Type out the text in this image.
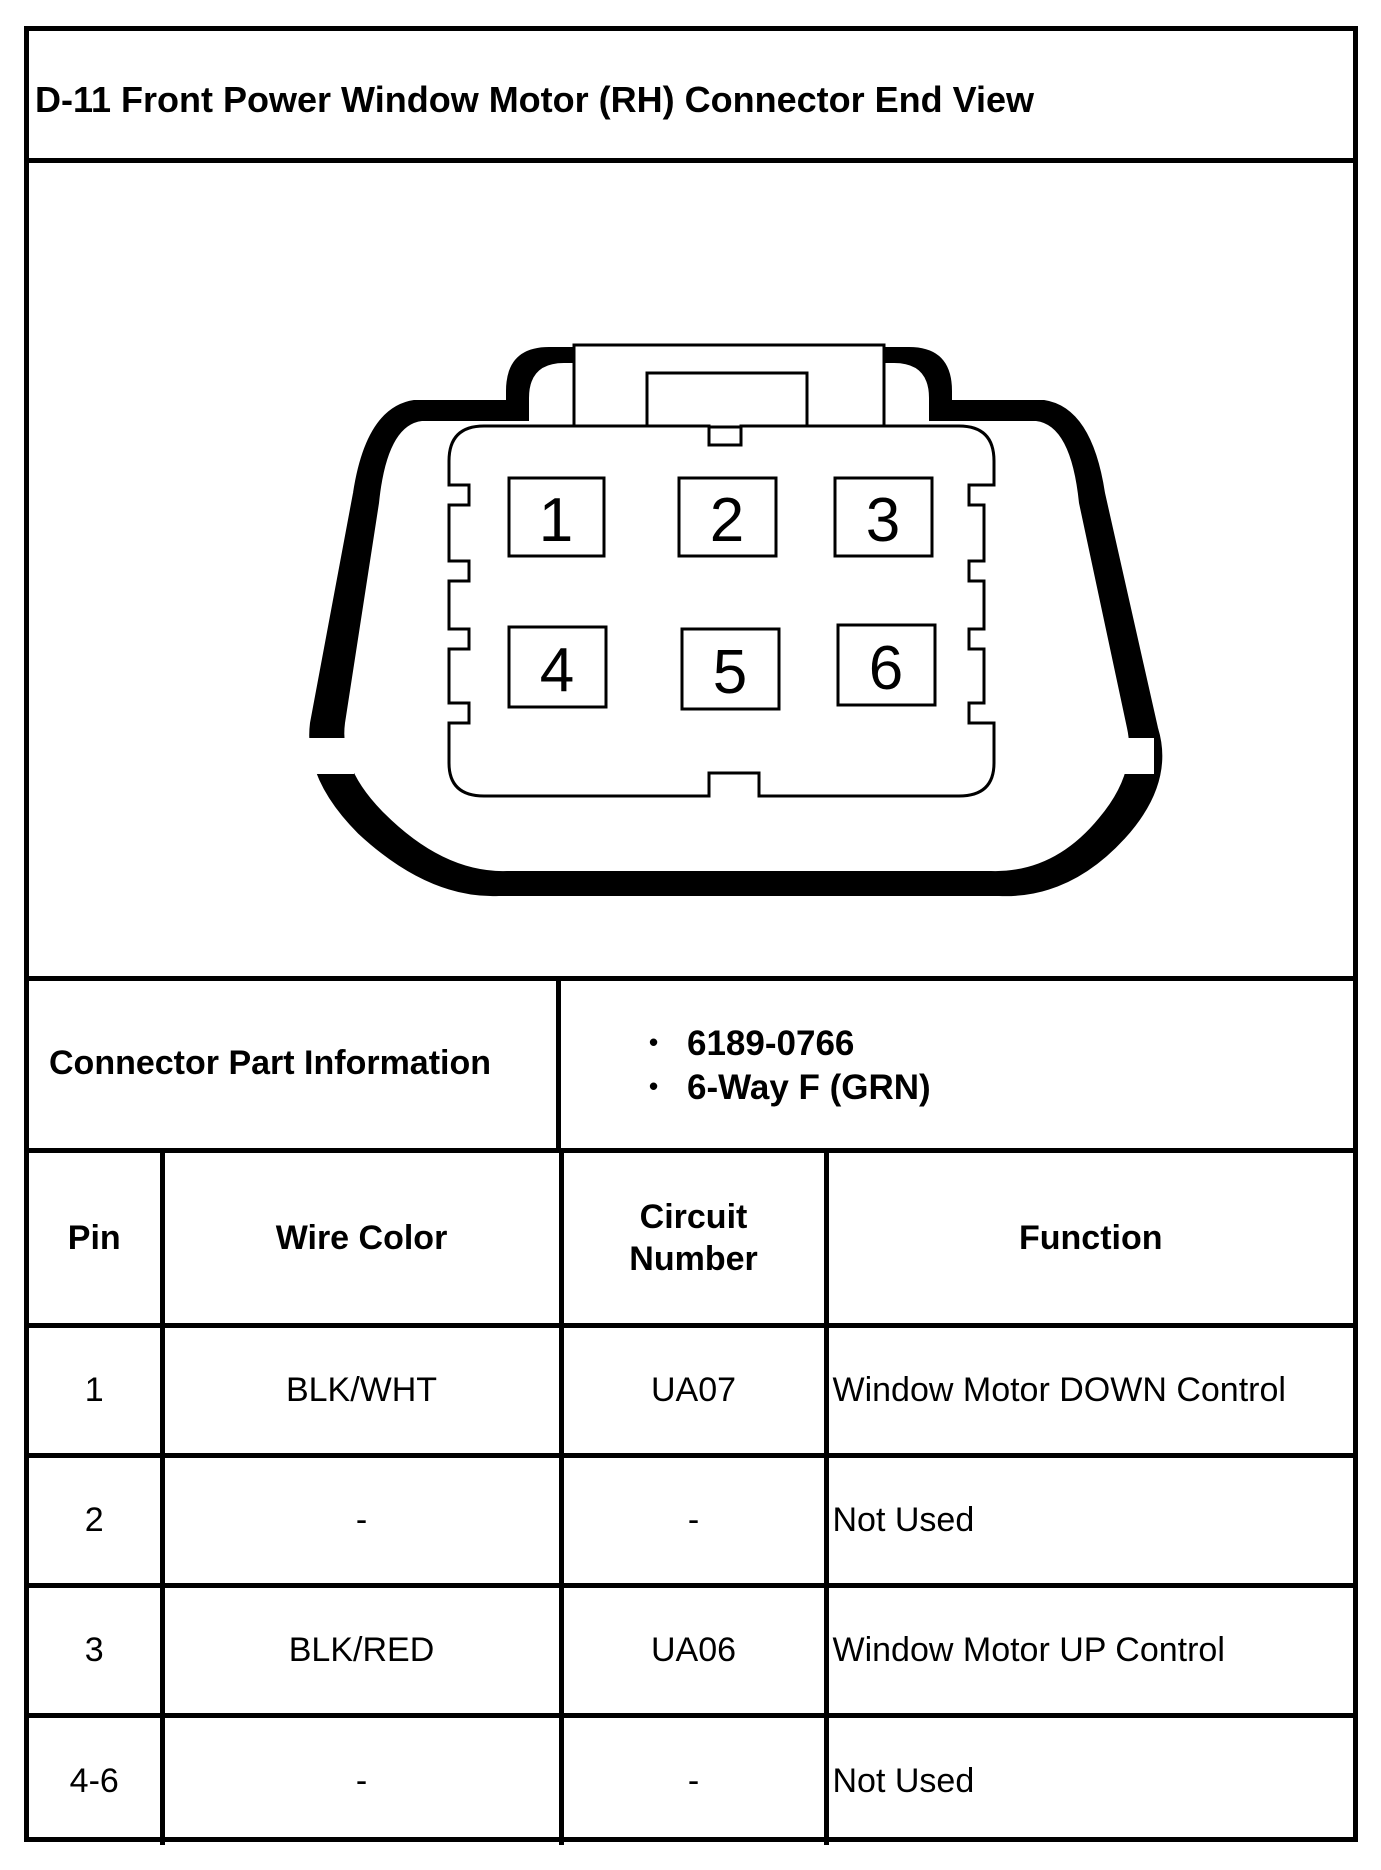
D-11 Front Power Window Motor (RH) Connector End View
1 2 3
4 5 6
Connector Part Information	• 6189-0766
• 6-Way F (GRN)
Pin	Wire Color	Circuit Number	Function
1	BLK/WHT	UA07	Window Motor DOWN Control
2	-	-	Not Used
3	BLK/RED	UA06	Window Motor UP Control
4-6	-	-	Not Used
